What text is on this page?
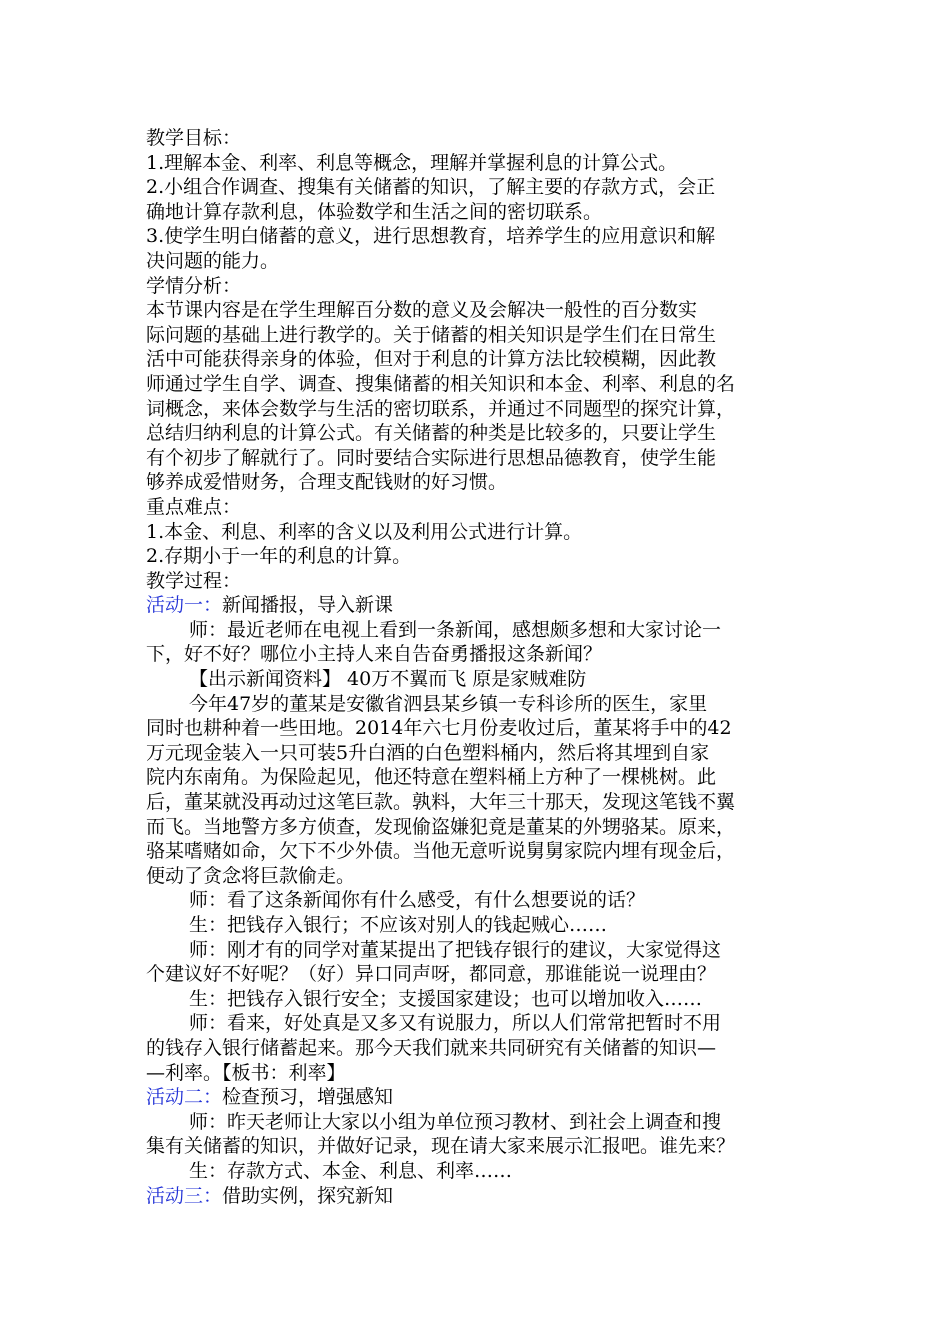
教学目标：
1.理解本金、利率、利息等概念，理解并掌握利息的计算公式。
2.小组合作调查、搜集有关储蓄的知识，了解主要的存款方式，会正
确地计算存款利息，体验数学和生活之间的密切联系。
3.使学生明白储蓄的意义，进行思想教育，培养学生的应用意识和解
决问题的能力。
学情分析：
本节课内容是在学生理解百分数的意义及会解决一般性的百分数实
际问题的基础上进行教学的。关于储蓄的相关知识是学生们在日常生
活中可能获得亲身的体验，但对于利息的计算方法比较模糊，因此教
师通过学生自学、调查、搜集储蓄的相关知识和本金、利率、利息的名
词概念，来体会数学与生活的密切联系，并通过不同题型的探究计算，
总结归纳利息的计算公式。有关储蓄的种类是比较多的，只要让学生
有个初步了解就行了。同时要结合实际进行思想品德教育，使学生能
够养成爱惜财务，合理支配钱财的好习惯。
重点难点：
1.本金、利息、利率的含义以及利用公式进行计算。
2.存期小于一年的利息的计算。
教学过程：
活动一：新闻播报，导入新课
师：最近老师在电视上看到一条新闻，感想颇多想和大家讨论一
下，好不好？哪位小主持人来自告奋勇播报这条新闻？
【出示新闻资料】 40万不翼而飞 原是家贼难防
今年47岁的董某是安徽省泗县某乡镇一专科诊所的医生，家里
同时也耕种着一些田地。2014年六七月份麦收过后，董某将手中的42
万元现金装入一只可装5升白酒的白色塑料桶内，然后将其埋到自家
院内东南角。为保险起见，他还特意在塑料桶上方种了一棵桃树。此
后，董某就没再动过这笔巨款。孰料，大年三十那天，发现这笔钱不翼
而飞。当地警方多方侦查，发现偷盗嫌犯竟是董某的外甥骆某。原来，
骆某嗜赌如命，欠下不少外债。当他无意听说舅舅家院内埋有现金后，
便动了贪念将巨款偷走。
师：看了这条新闻你有什么感受，有什么想要说的话？
生：把钱存入银行；不应该对别人的钱起贼心……
师：刚才有的同学对董某提出了把钱存银行的建议，大家觉得这
个建议好不好呢？（好）异口同声呀，都同意，那谁能说一说理由？
生：把钱存入银行安全；支援国家建设；也可以增加收入……
师：看来，好处真是又多又有说服力，所以人们常常把暂时不用
的钱存入银行储蓄起来。那今天我们就来共同研究有关储蓄的知识—
—利率。【板书：利率】
活动二：检查预习，增强感知
师：昨天老师让大家以小组为单位预习教材、到社会上调查和搜
集有关储蓄的知识，并做好记录，现在请大家来展示汇报吧。谁先来？
生：存款方式、本金、利息、利率……
活动三：借助实例，探究新知
